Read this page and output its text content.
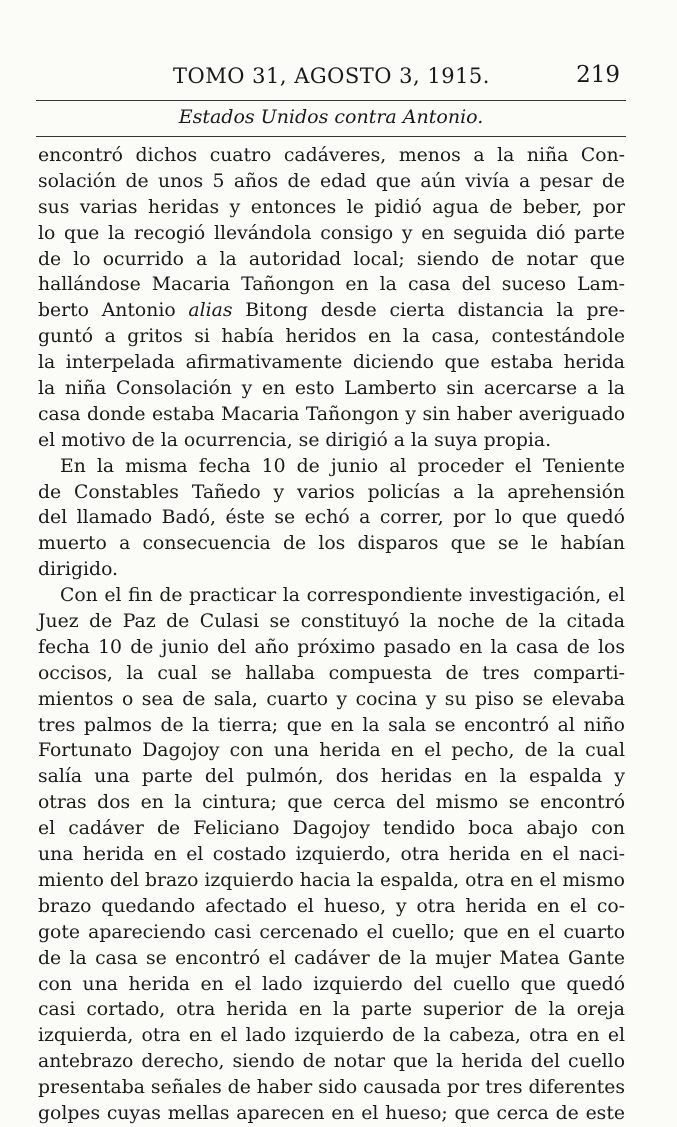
TOMO 31, AGOSTO 3, 1915.	219
Estados Unidos contra Antonio.
encontró dichos cuatro cadáveres, menos a la niña Con-
solación de unos 5 años de edad que aún vivía a pesar de
sus varias heridas y entonces le pidió agua de beber, por
lo que la recogió llevándola consigo y en seguida dió parte
de lo ocurrido a la autoridad local; siendo de notar que
hallándose Macaria Tañongon en la casa del suceso Lam-
berto Antonio alias Bitong desde cierta distancia la pre-
guntó a gritos si había heridos en la casa, contestándole
la interpelada afirmativamente diciendo que estaba herida
la niña Consolación y en esto Lamberto sin acercarse a la
casa donde estaba Macaria Tañongon y sin haber averiguado
el motivo de la ocurrencia, se dirigió a la suya propia.
En la misma fecha 10 de junio al proceder el Teniente
de Constables Tañedo y varios policías a la aprehensión
del llamado Badó, éste se echó a correr, por lo que quedó
muerto a consecuencia de los disparos que se le habían
dirigido.
Con el fin de practicar la correspondiente investigación, el
Juez de Paz de Culasi se constituyó la noche de la citada
fecha 10 de junio del año próximo pasado en la casa de los
occisos, la cual se hallaba compuesta de tres comparti-
mientos o sea de sala, cuarto y cocina y su piso se elevaba
tres palmos de la tierra; que en la sala se encontró al niño
Fortunato Dagojoy con una herida en el pecho, de la cual
salía una parte del pulmón, dos heridas en la espalda y
otras dos en la cintura; que cerca del mismo se encontró
el cadáver de Feliciano Dagojoy tendido boca abajo con
una herida en el costado izquierdo, otra herida en el naci-
miento del brazo izquierdo hacia la espalda, otra en el mismo
brazo quedando afectado el hueso, y otra herida en el co-
gote apareciendo casi cercenado el cuello; que en el cuarto
de la casa se encontró el cadáver de la mujer Matea Gante
con una herida en el lado izquierdo del cuello que quedó
casi cortado, otra herida en la parte superior de la oreja
izquierda, otra en el lado izquierdo de la cabeza, otra en el
antebrazo derecho, siendo de notar que la herida del cuello
presentaba señales de haber sido causada por tres diferentes
golpes cuyas mellas aparecen en el hueso; que cerca de este
